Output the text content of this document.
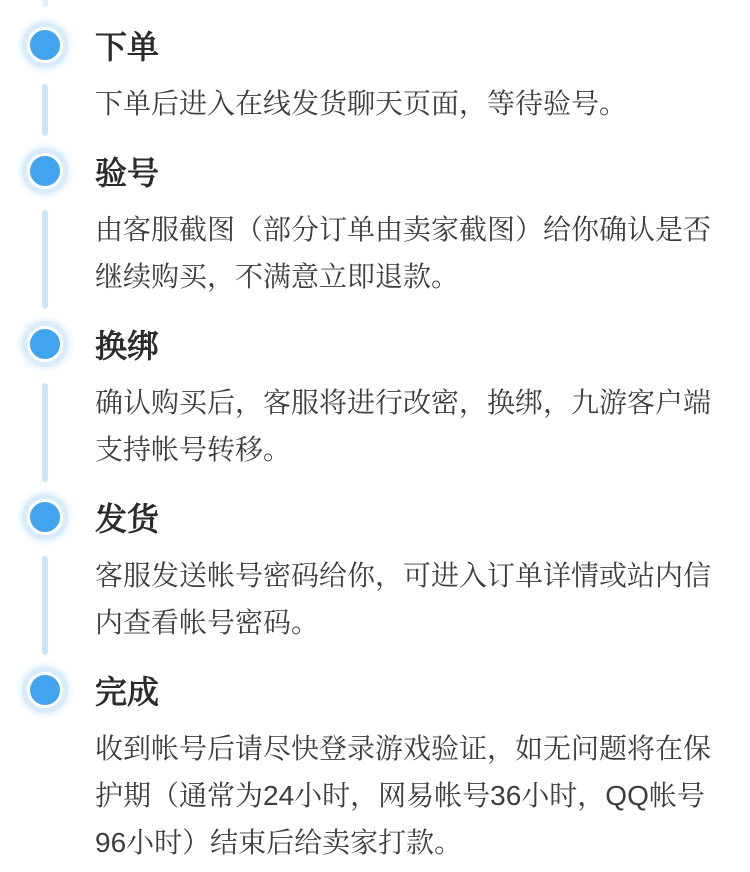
下单
下单后进入在线发货聊天页面，等待验号。
验号
由客服截图（部分订单由卖家截图）给你确认是否继续购买，不满意立即退款。
换绑
确认购买后，客服将进行改密，换绑，九游客户端支持帐号转移。
发货
客服发送帐号密码给你，可进入订单详情或站内信内查看帐号密码。
完成
收到帐号后请尽快登录游戏验证，如无问题将在保护期（通常为24小时，网易帐号36小时，QQ帐号96小时）结束后给卖家打款。
